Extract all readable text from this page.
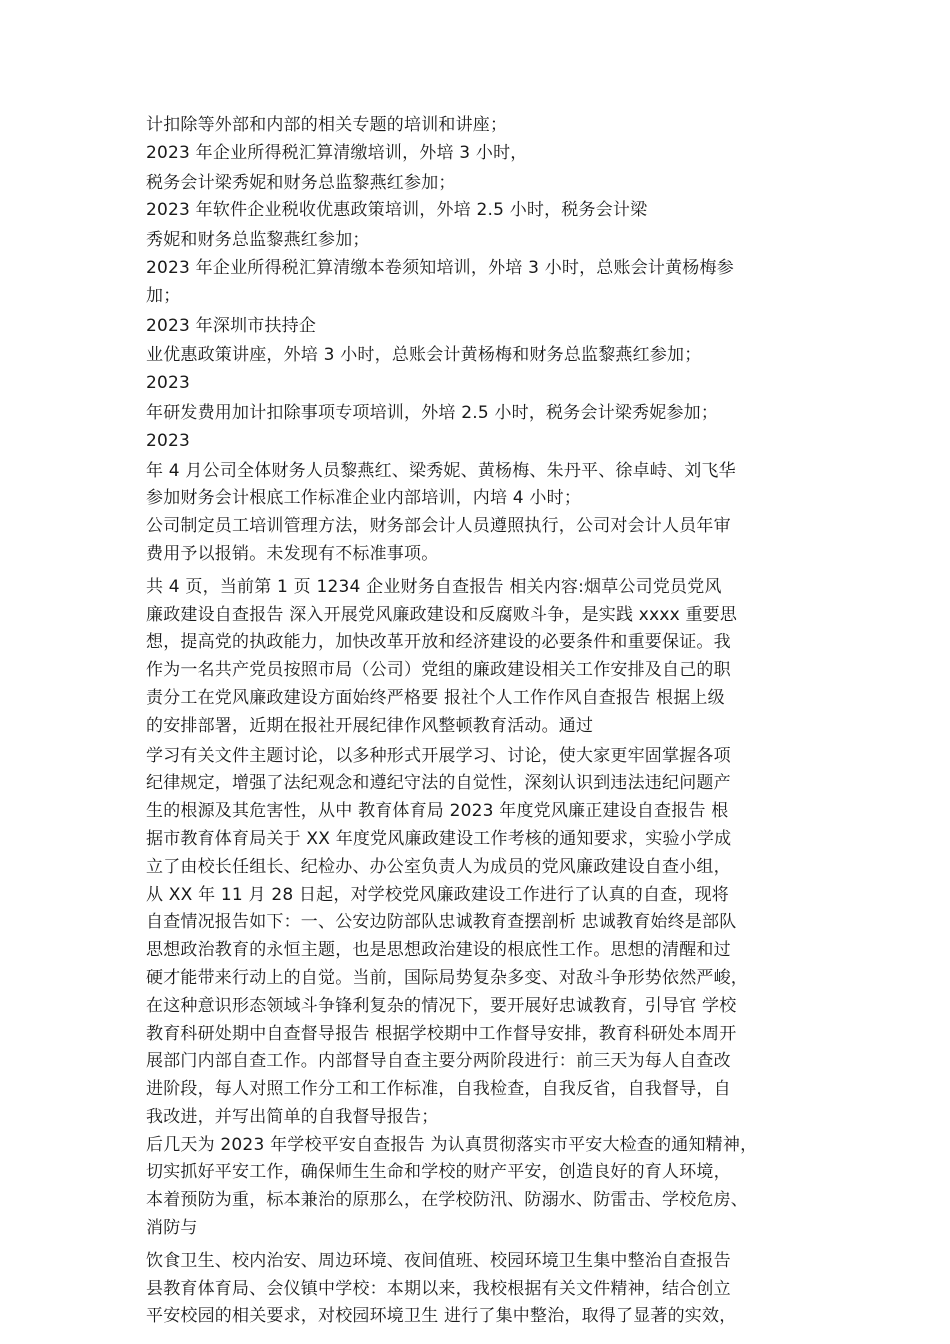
计扣除等外部和内部的相关专题的培训和讲座；
2023 年企业所得税汇算清缴培训，外培 3 小时，
税务会计梁秀妮和财务总监黎燕红参加；
2023 年软件企业税收优惠政策培训，外培 2.5 小时，税务会计梁
秀妮和财务总监黎燕红参加；
2023 年企业所得税汇算清缴本卷须知培训，外培 3 小时，总账会计黄杨梅参
加；
2023 年深圳市扶持企
业优惠政策讲座，外培 3 小时，总账会计黄杨梅和财务总监黎燕红参加；
2023
年研发费用加计扣除事项专项培训，外培 2.5 小时，税务会计梁秀妮参加；
2023
年 4 月公司全体财务人员黎燕红、梁秀妮、黄杨梅、朱丹平、徐卓峙、刘飞华
参加财务会计根底工作标准企业内部培训，内培 4 小时；
公司制定员工培训管理方法，财务部会计人员遵照执行，公司对会计人员年审
费用予以报销。未发现有不标准事项。
共 4 页，当前第 1 页 1234 企业财务自查报告 相关内容:烟草公司党员党风
廉政建设自查报告 深入开展党风廉政建设和反腐败斗争，是实践 xxxx 重要思
想，提高党的执政能力，加快改革开放和经济建设的必要条件和重要保证。我
作为一名共产党员按照市局（公司）党组的廉政建设相关工作安排及自己的职
责分工在党风廉政建设方面始终严格要 报社个人工作作风自查报告 根据上级
的安排部署，近期在报社开展纪律作风整顿教育活动。通过
学习有关文件主题讨论，以多种形式开展学习、讨论，使大家更牢固掌握各项
纪律规定，增强了法纪观念和遵纪守法的自觉性，深刻认识到违法违纪问题产
生的根源及其危害性，从中 教育体育局 2023 年度党风廉正建设自查报告 根
据市教育体育局关于 XX 年度党风廉政建设工作考核的通知要求，实验小学成
立了由校长任组长、纪检办、办公室负责人为成员的党风廉政建设自查小组，
从 XX 年 11 月 28 日起，对学校党风廉政建设工作进行了认真的自查，现将
自查情况报告如下：一、公安边防部队忠诚教育查摆剖析 忠诚教育始终是部队
思想政治教育的永恒主题，也是思想政治建设的根底性工作。思想的清醒和过
硬才能带来行动上的自觉。当前，国际局势复杂多变、对敌斗争形势依然严峻，
在这种意识形态领域斗争锋利复杂的情况下，要开展好忠诚教育，引导官 学校
教育科研处期中自查督导报告 根据学校期中工作督导安排，教育科研处本周开
展部门内部自查工作。内部督导自查主要分两阶段进行：前三天为每人自查改
进阶段，每人对照工作分工和工作标准，自我检查，自我反省，自我督导，自
我改进，并写出简单的自我督导报告；
后几天为 2023 年学校平安自查报告 为认真贯彻落实市平安大检查的通知精神，
切实抓好平安工作，确保师生生命和学校的财产平安，创造良好的育人环境，
本着预防为重，标本兼治的原那么，在学校防汛、防溺水、防雷击、学校危房、
消防与
饮食卫生、校内治安、周边环境、夜间值班、校园环境卫生集中整治自查报告
县教育体育局、会仪镇中学校：本期以来，我校根据有关文件精神，结合创立
平安校园的相关要求，对校园环境卫生 进行了集中整治，取得了显著的实效，
